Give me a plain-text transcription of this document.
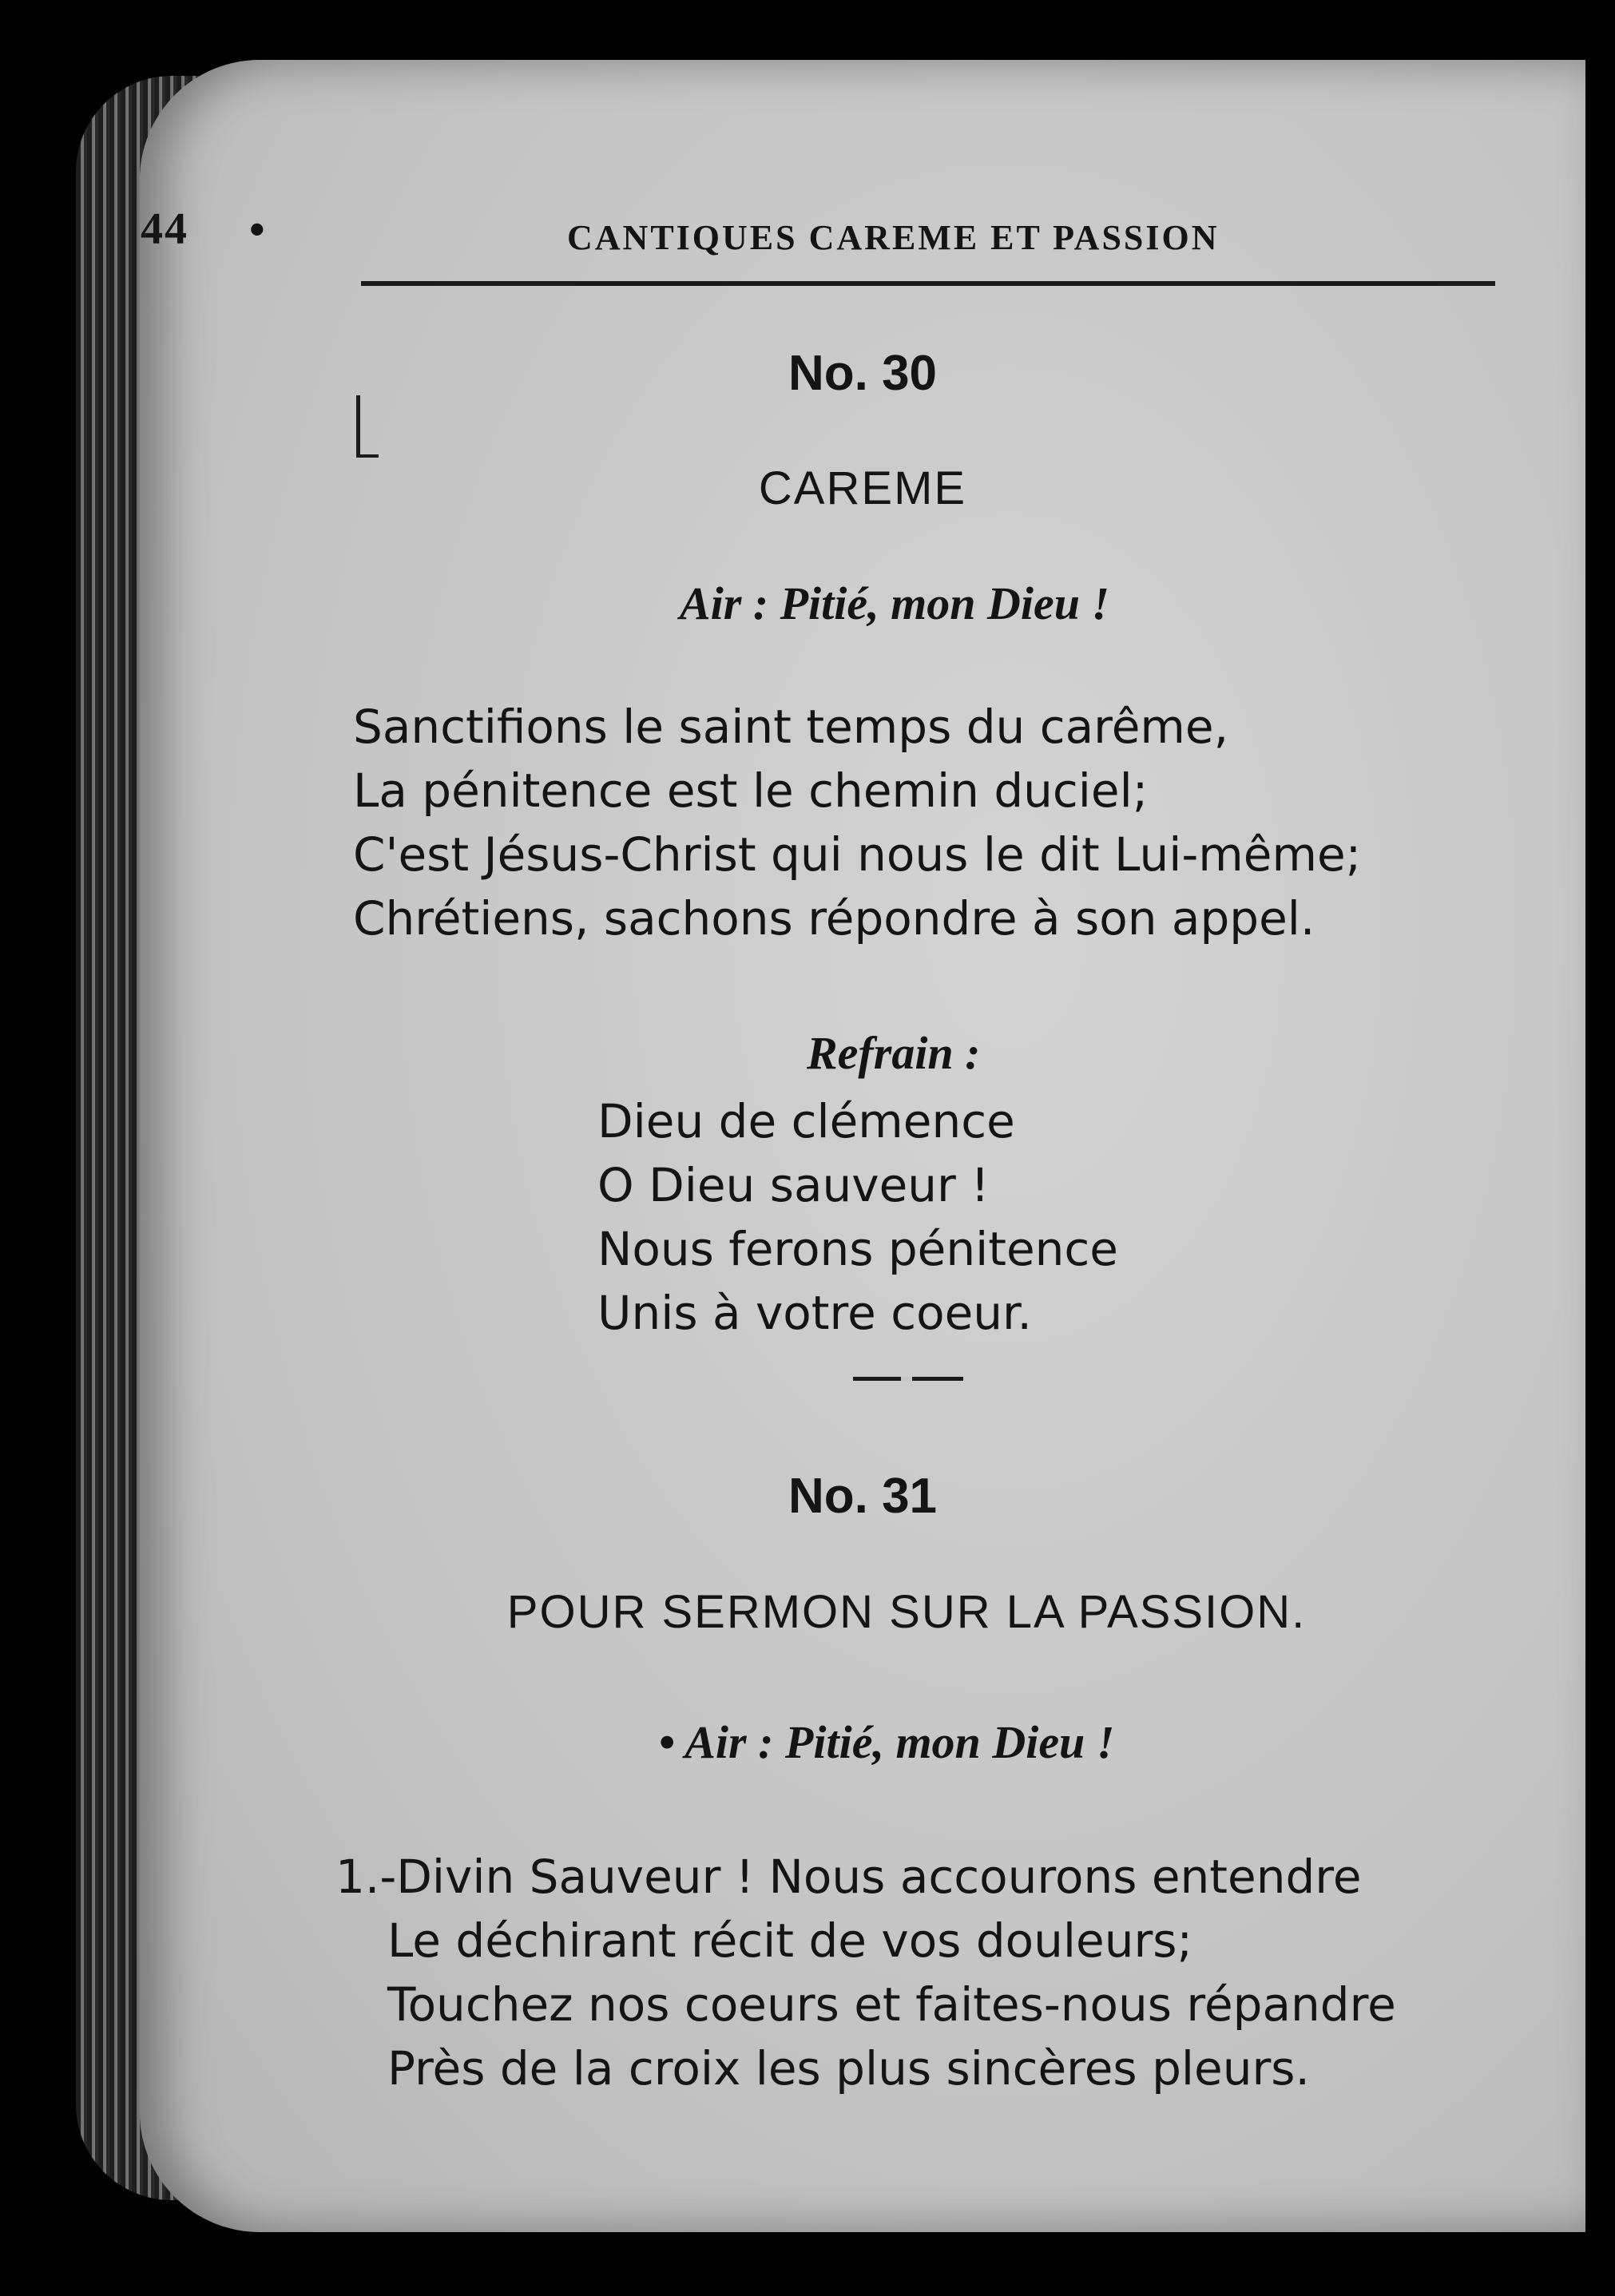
44 •	CANTIQUES CAREME ET PASSION
No. 30
CAREME
Air : Pitié, mon Dieu !
Sanctifions le saint temps du carême,
La pénitence est le chemin duciel;
C'est Jésus-Christ qui nous le dit Lui-même;
Chrétiens, sachons répondre à son appel.
Refrain :
Dieu de clémence
O Dieu sauveur !
Nous ferons pénitence
Unis à votre coeur.
No. 31
POUR SERMON SUR LA PASSION.
• Air : Pitié, mon Dieu !
1.-Divin Sauveur ! Nous accourons entendre
Le déchirant récit de vos douleurs;
Touchez nos coeurs et faites-nous répandre
Près de la croix les plus sincères pleurs.
